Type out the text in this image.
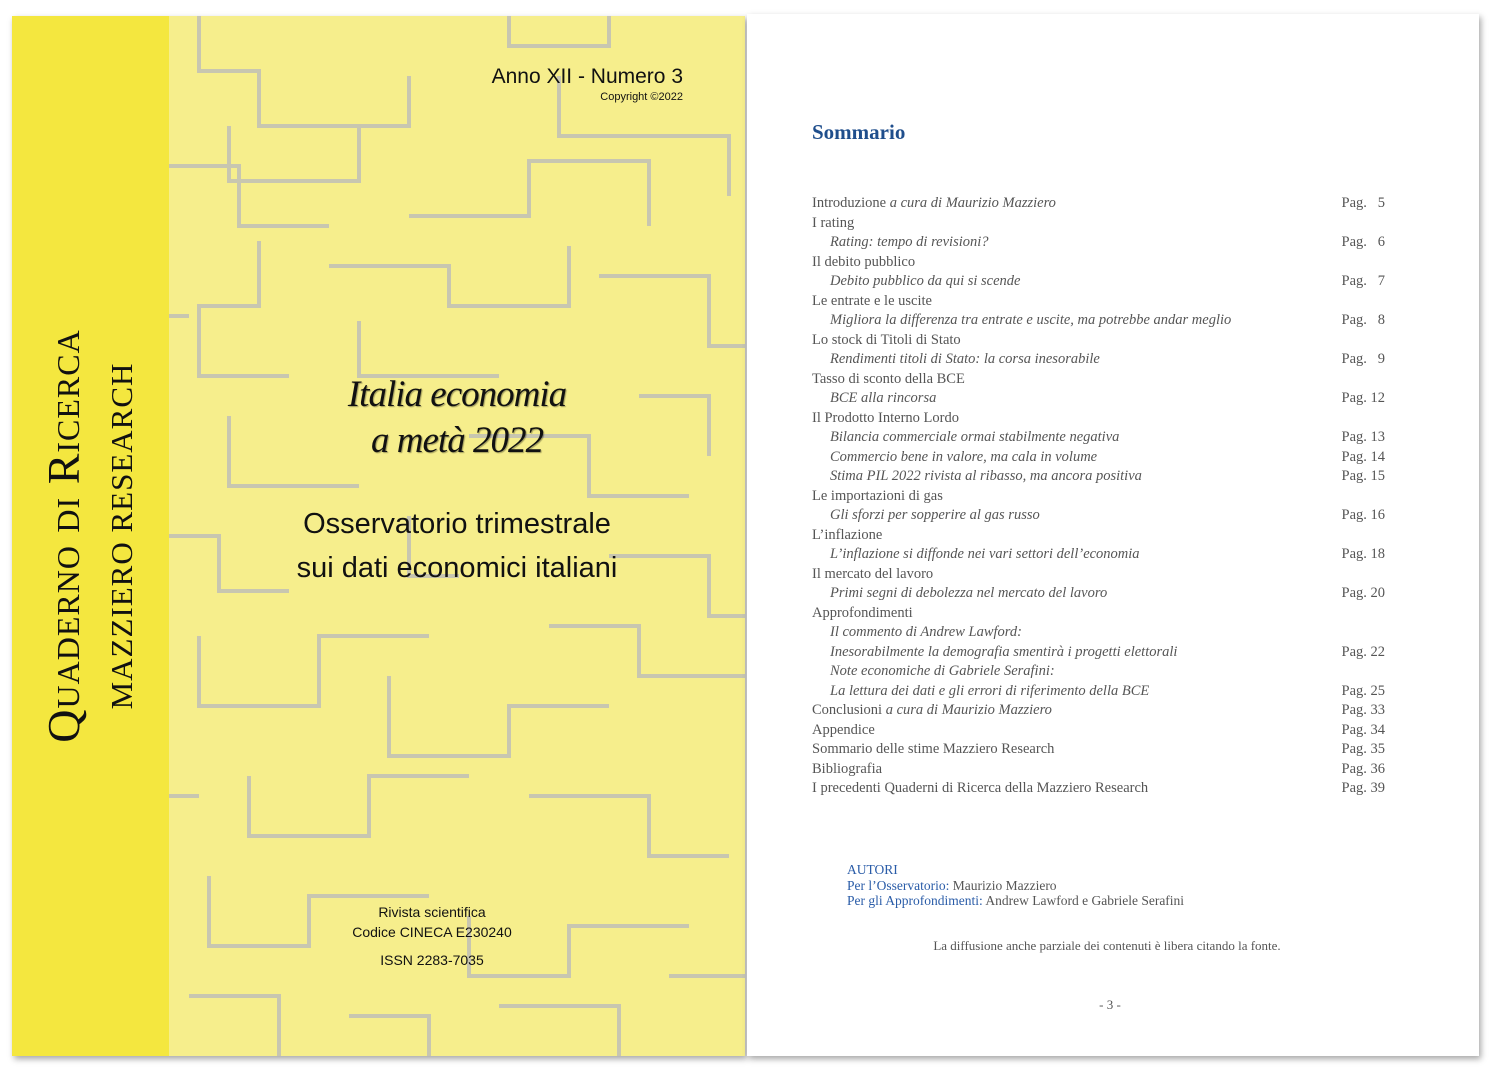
Quaderno di Ricerca MAZZIERO RESEARCH
Anno XII - Numero 3
Copyright ©2022
Italia economia
a metà 2022
Osservatorio trimestrale
sui dati economici italiani
Rivista scientifica
Codice CINECA E230240
ISSN 2283-7035
Sommario
Introduzione a cura di Maurizio Mazziero	Pag.   5
I rating
Rating: tempo di revisioni?	Pag.   6
Il debito pubblico
Debito pubblico da qui si scende	Pag.   7
Le entrate e le uscite
Migliora la differenza tra entrate e uscite, ma potrebbe andar meglio	Pag.   8
Lo stock di Titoli di Stato
Rendimenti titoli di Stato: la corsa inesorabile	Pag.   9
Tasso di sconto della BCE
BCE alla rincorsa	Pag. 12
Il Prodotto Interno Lordo
Bilancia commerciale ormai stabilmente negativa	Pag. 13
Commercio bene in valore, ma cala in volume	Pag. 14
Stima PIL 2022 rivista al ribasso, ma ancora positiva	Pag. 15
Le importazioni di gas
Gli sforzi per sopperire al gas russo	Pag. 16
L’inflazione
L’inflazione si diffonde nei vari settori dell’economia	Pag. 18
Il mercato del lavoro
Primi segni di debolezza nel mercato del lavoro	Pag. 20
Approfondimenti
Il commento di Andrew Lawford:
Inesorabilmente la demografia smentirà i progetti elettorali	Pag. 22
Note economiche di Gabriele Serafini:
La lettura dei dati e gli errori di riferimento della BCE	Pag. 25
Conclusioni a cura di Maurizio Mazziero	Pag. 33
Appendice	Pag. 34
Sommario delle stime Mazziero Research	Pag. 35
Bibliografia	Pag. 36
I precedenti Quaderni di Ricerca della Mazziero Research	Pag. 39
AUTORI
Per l’Osservatorio: Maurizio Mazziero
Per gli Approfondimenti: Andrew Lawford e Gabriele Serafini
La diffusione anche parziale dei contenuti è libera citando la fonte.
- 3 -
